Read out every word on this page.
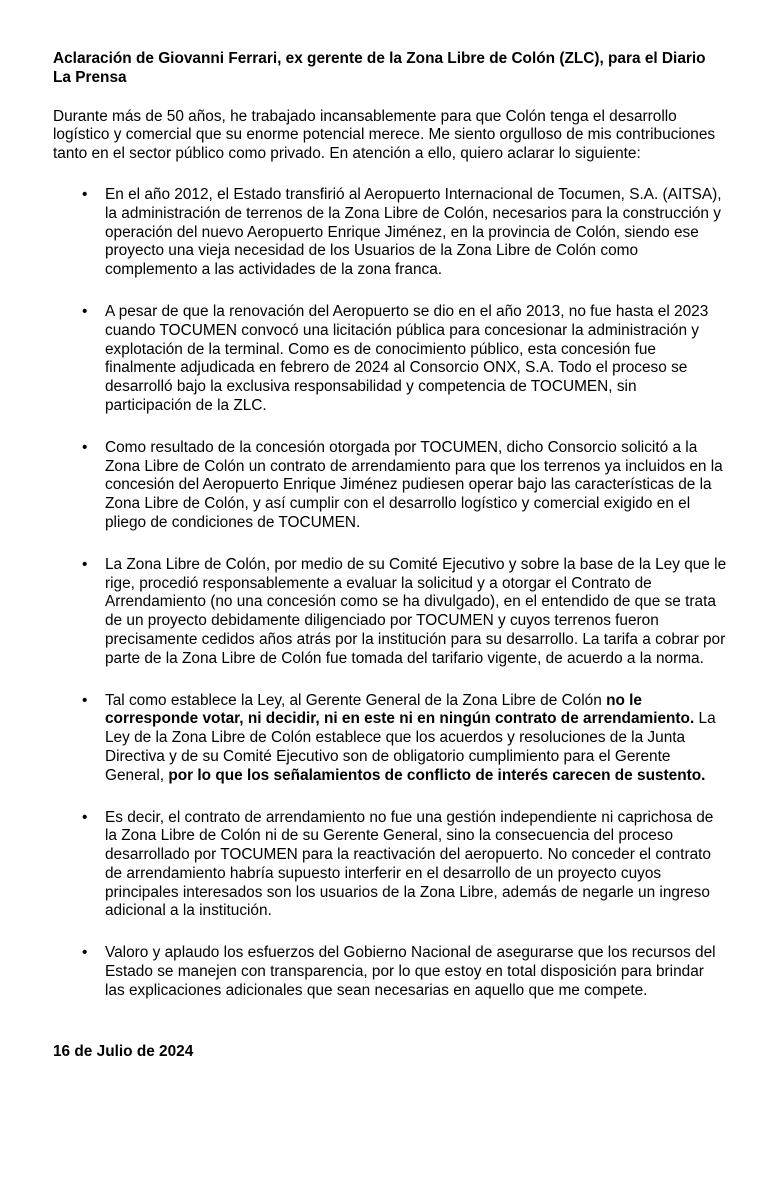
Aclaración de Giovanni Ferrari, ex gerente de la Zona Libre de Colón (ZLC), para el Diario La Prensa

Durante más de 50 años, he trabajado incansablemente para que Colón tenga el desarrollo logístico y comercial que su enorme potencial merece. Me siento orgulloso de mis contribuciones tanto en el sector público como privado. En atención a ello, quiero aclarar lo siguiente:

• En el año 2012, el Estado transfirió al Aeropuerto Internacional de Tocumen, S.A. (AITSA), la administración de terrenos de la Zona Libre de Colón, necesarios para la construcción y operación del nuevo Aeropuerto Enrique Jiménez, en la provincia de Colón, siendo ese proyecto una vieja necesidad de los Usuarios de la Zona Libre de Colón como complemento a las actividades de la zona franca.
• A pesar de que la renovación del Aeropuerto se dio en el año 2013, no fue hasta el 2023 cuando TOCUMEN convocó una licitación pública para concesionar la administración y explotación de la terminal. Como es de conocimiento público, esta concesión fue finalmente adjudicada en febrero de 2024 al Consorcio ONX, S.A. Todo el proceso se desarrolló bajo la exclusiva responsabilidad y competencia de TOCUMEN, sin participación de la ZLC.
• Como resultado de la concesión otorgada por TOCUMEN, dicho Consorcio solicitó a la Zona Libre de Colón un contrato de arrendamiento para que los terrenos ya incluidos en la concesión del Aeropuerto Enrique Jiménez pudiesen operar bajo las características de la Zona Libre de Colón, y así cumplir con el desarrollo logístico y comercial exigido en el pliego de condiciones de TOCUMEN.
• La Zona Libre de Colón, por medio de su Comité Ejecutivo y sobre la base de la Ley que le rige, procedió responsablemente a evaluar la solicitud y a otorgar el Contrato de Arrendamiento (no una concesión como se ha divulgado), en el entendido de que se trata de un proyecto debidamente diligenciado por TOCUMEN y cuyos terrenos fueron precisamente cedidos años atrás por la institución para su desarrollo. La tarifa a cobrar por parte de la Zona Libre de Colón fue tomada del tarifario vigente, de acuerdo a la norma.
• Tal como establece la Ley, al Gerente General de la Zona Libre de Colón no le corresponde votar, ni decidir, ni en este ni en ningún contrato de arrendamiento. La Ley de la Zona Libre de Colón establece que los acuerdos y resoluciones de la Junta Directiva y de su Comité Ejecutivo son de obligatorio cumplimiento para el Gerente General, por lo que los señalamientos de conflicto de interés carecen de sustento.
• Es decir, el contrato de arrendamiento no fue una gestión independiente ni caprichosa de la Zona Libre de Colón ni de su Gerente General, sino la consecuencia del proceso desarrollado por TOCUMEN para la reactivación del aeropuerto. No conceder el contrato de arrendamiento habría supuesto interferir en el desarrollo de un proyecto cuyos principales interesados son los usuarios de la Zona Libre, además de negarle un ingreso adicional a la institución.
• Valoro y aplaudo los esfuerzos del Gobierno Nacional de asegurarse que los recursos del Estado se manejen con transparencia, por lo que estoy en total disposición para brindar las explicaciones adicionales que sean necesarias en aquello que me compete.

16 de Julio de 2024
